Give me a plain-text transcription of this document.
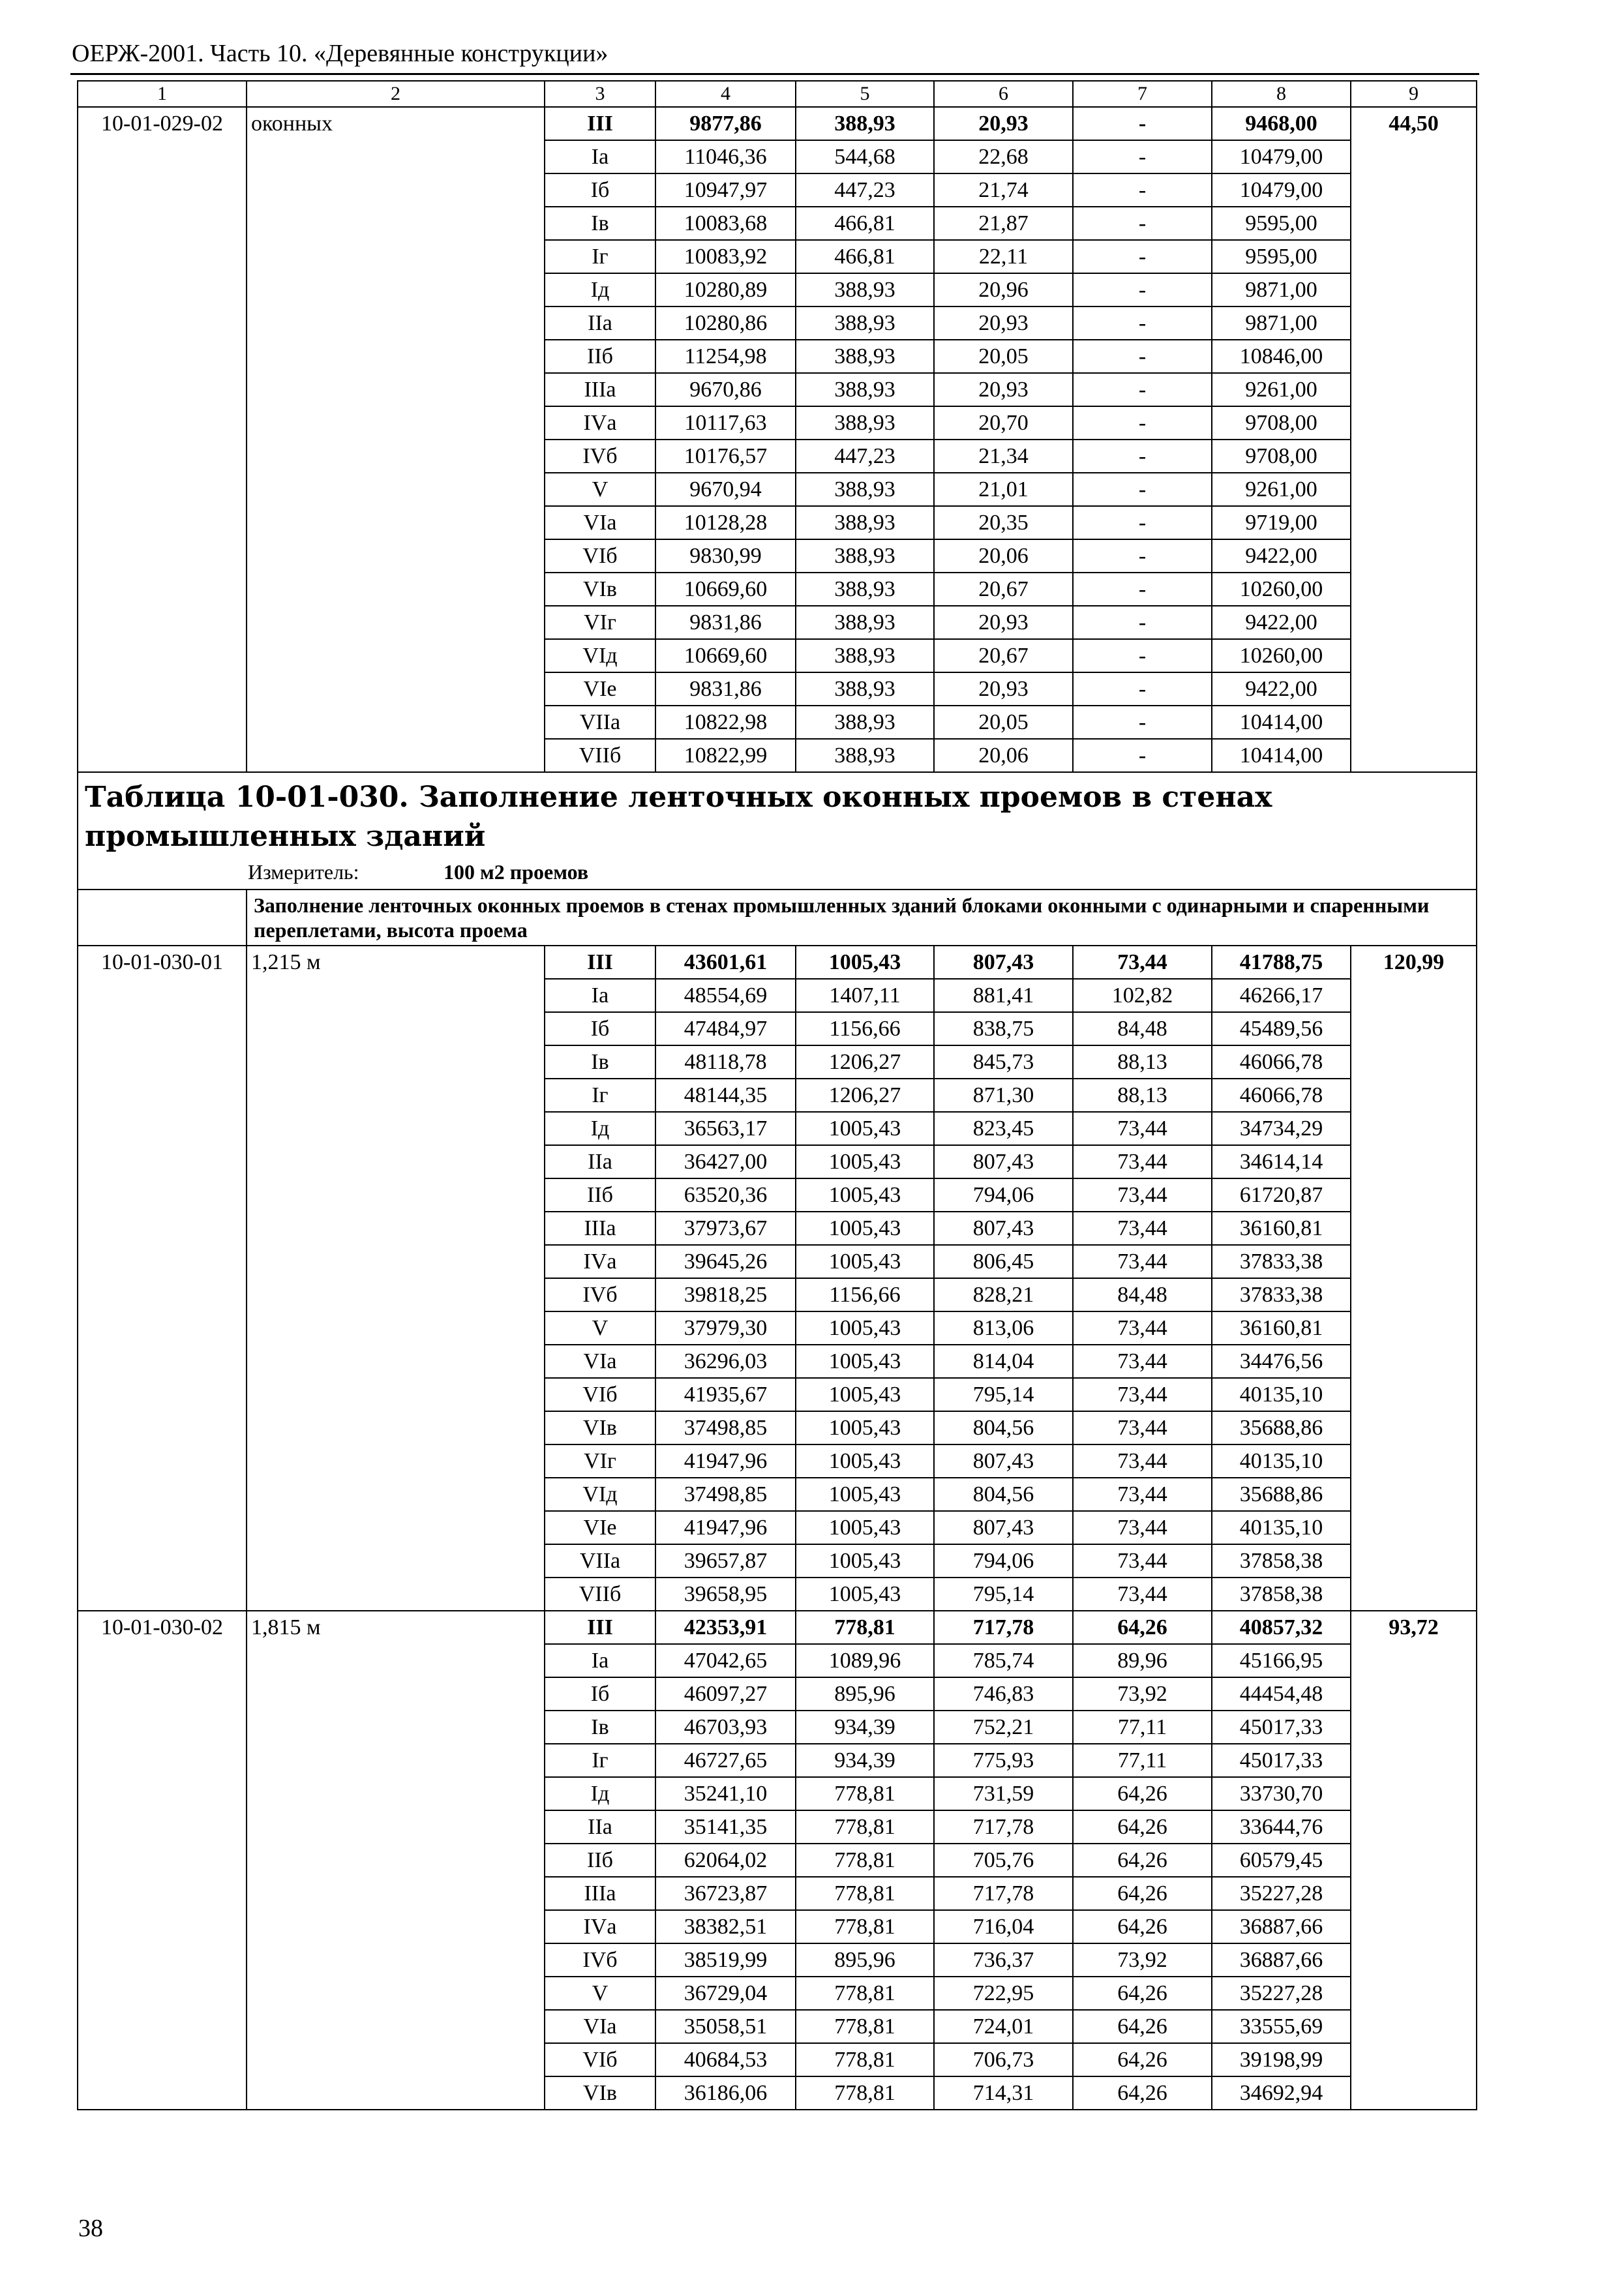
ОЕРЖ-2001. Часть 10. «Деревянные конструкции»
1	2	3	4	5	6	7	8	9
10-01-029-02	оконных	III	9877,86	388,93	20,93	-	9468,00	44,50
		Iа	11046,36	544,68	22,68	-	10479,00	
		Iб	10947,97	447,23	21,74	-	10479,00	
		Iв	10083,68	466,81	21,87	-	9595,00	
		Iг	10083,92	466,81	22,11	-	9595,00	
		Iд	10280,89	388,93	20,96	-	9871,00	
		IIа	10280,86	388,93	20,93	-	9871,00	
		IIб	11254,98	388,93	20,05	-	10846,00	
		IIIа	9670,86	388,93	20,93	-	9261,00	
		IVа	10117,63	388,93	20,70	-	9708,00	
		IVб	10176,57	447,23	21,34	-	9708,00	
		V	9670,94	388,93	21,01	-	9261,00	
		VIа	10128,28	388,93	20,35	-	9719,00	
		VIб	9830,99	388,93	20,06	-	9422,00	
		VIв	10669,60	388,93	20,67	-	10260,00	
		VIг	9831,86	388,93	20,93	-	9422,00	
		VIд	10669,60	388,93	20,67	-	10260,00	
		VIе	9831,86	388,93	20,93	-	9422,00	
		VIIа	10822,98	388,93	20,05	-	10414,00	
		VIIб	10822,99	388,93	20,06	-	10414,00	

Таблица 10-01-030. Заполнение ленточных оконных проемов в стенах промышленных зданий
Измеритель: 100 м2 проемов								

	Заполнение ленточных оконных проемов в стенах промышленных зданий блоками оконными с одинарными и спаренными переплетами, высота проема							
10-01-030-01	1,215 м	III	43601,61	1005,43	807,43	73,44	41788,75	120,99
		Iа	48554,69	1407,11	881,41	102,82	46266,17	
		Iб	47484,97	1156,66	838,75	84,48	45489,56	
		Iв	48118,78	1206,27	845,73	88,13	46066,78	
		Iг	48144,35	1206,27	871,30	88,13	46066,78	
		Iд	36563,17	1005,43	823,45	73,44	34734,29	
		IIа	36427,00	1005,43	807,43	73,44	34614,14	
		IIб	63520,36	1005,43	794,06	73,44	61720,87	
		IIIа	37973,67	1005,43	807,43	73,44	36160,81	
		IVа	39645,26	1005,43	806,45	73,44	37833,38	
		IVб	39818,25	1156,66	828,21	84,48	37833,38	
		V	37979,30	1005,43	813,06	73,44	36160,81	
		VIа	36296,03	1005,43	814,04	73,44	34476,56	
		VIб	41935,67	1005,43	795,14	73,44	40135,10	
		VIв	37498,85	1005,43	804,56	73,44	35688,86	
		VIг	41947,96	1005,43	807,43	73,44	40135,10	
		VIд	37498,85	1005,43	804,56	73,44	35688,86	
		VIе	41947,96	1005,43	807,43	73,44	40135,10	
		VIIа	39657,87	1005,43	794,06	73,44	37858,38	
		VIIб	39658,95	1005,43	795,14	73,44	37858,38	
10-01-030-02	1,815 м	III	42353,91	778,81	717,78	64,26	40857,32	93,72
		Iа	47042,65	1089,96	785,74	89,96	45166,95	
		Iб	46097,27	895,96	746,83	73,92	44454,48	
		Iв	46703,93	934,39	752,21	77,11	45017,33	
		Iг	46727,65	934,39	775,93	77,11	45017,33	
		Iд	35241,10	778,81	731,59	64,26	33730,70	
		IIа	35141,35	778,81	717,78	64,26	33644,76	
		IIб	62064,02	778,81	705,76	64,26	60579,45	
		IIIа	36723,87	778,81	717,78	64,26	35227,28	
		IVа	38382,51	778,81	716,04	64,26	36887,66	
		IVб	38519,99	895,96	736,37	73,92	36887,66	
		V	36729,04	778,81	722,95	64,26	35227,28	
		VIа	35058,51	778,81	724,01	64,26	33555,69	
		VIб	40684,53	778,81	706,73	64,26	39198,99	
		VIв	36186,06	778,81	714,31	64,26	34692,94	
38
